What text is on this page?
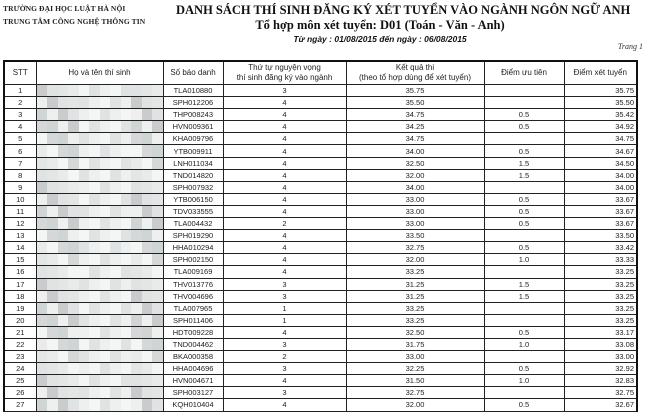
TRƯỜNG ĐẠI HỌC LUẬT HÀ NỘI
TRUNG TÂM CÔNG NGHỆ THÔNG TIN
DANH SÁCH THÍ SINH ĐĂNG KÝ XÉT TUYỂN VÀO NGÀNH NGÔN NGỮ ANH
Tổ hợp môn xét tuyển: D01 (Toán - Văn - Anh)
Từ ngày : 01/08/2015 đến ngày : 06/08/2015
Trang 1
STT	Họ và tên thí sinh	Số báo danh	Thứ tự nguyện vọng
thí sinh đăng ký vào ngành	Kết quả thi
(theo tổ hợp dùng để xét tuyển)	Điểm ưu tiên	Điểm xét tuyển
1		TLA010880	3	35.75		35.75
2		SPH012206	4	35.50		35.50
3		THP008243	4	34.75	0.5	35.42
4		HVN009361	4	34.25	0.5	34.92
5		KHA009796	4	34.75		34.75
6		YTB009911	4	34.00	0.5	34.67
7		LNH011034	4	32.50	1.5	34.50
8		TND014820	4	32.00	1.5	34.00
9		SPH007932	4	34.00		34.00
10		YTB006150	4	33.00	0.5	33.67
11		TDV033555	4	33.00	0.5	33.67
12		TLA004432	2	33.00	0.5	33.67
13		SPH019290	4	33.50		33.50
14		HHA010294	4	32.75	0.5	33.42
15		SPH002150	4	32.00	1.0	33.33
16		TLA009169	4	33.25		33.25
17		THV013776	3	31.25	1.5	33.25
18		THV004696	3	31.25	1.5	33.25
19		TLA007965	1	33.25		33.25
20		SPH011406	1	33.25		33.25
21		HDT009228	4	32.50	0.5	33.17
22		TND004462	3	31.75	1.0	33.08
23		BKA000358	2	33.00		33.00
24		HHA004696	3	32.25	0.5	32.92
25		HVN004671	4	31.50	1.0	32.83
26		SPH003127	3	32.75		32.75
27		KQH010404	4	32.00	0.5	32.67
